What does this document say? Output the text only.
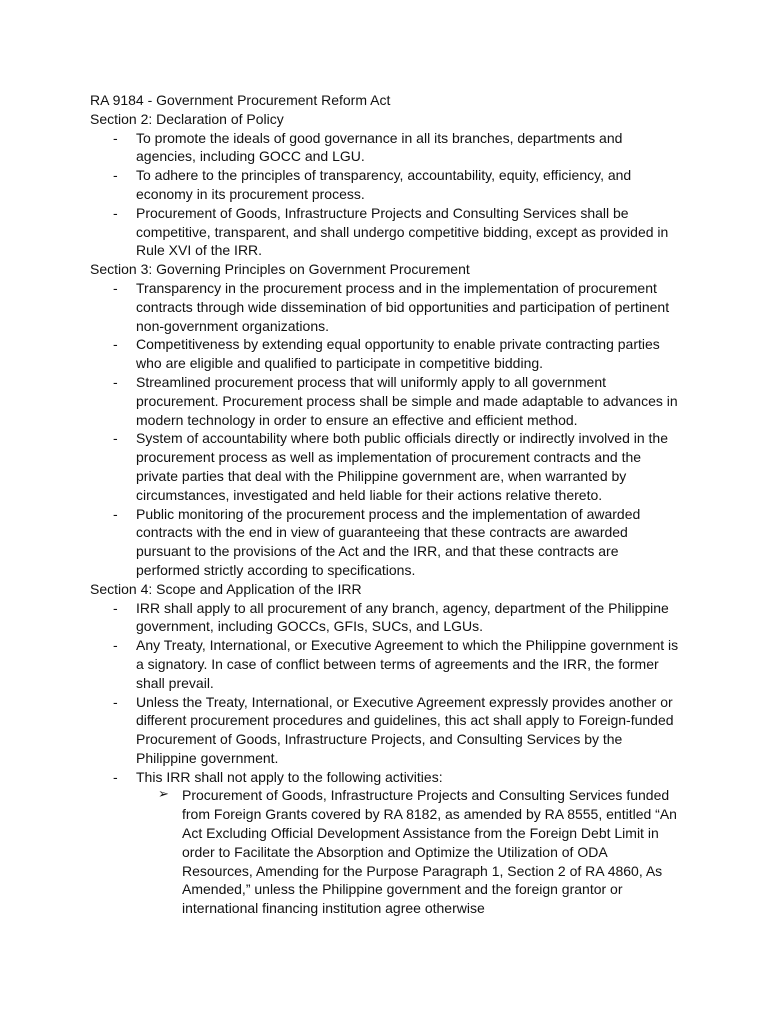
RA 9184 - Government Procurement Reform Act

Section 2: Declaration of Policy

- To promote the ideals of good governance in all its branches, departments and agencies, including GOCC and LGU.
- To adhere to the principles of transparency, accountability, equity, efficiency, and economy in its procurement process.
- Procurement of Goods, Infrastructure Projects and Consulting Services shall be competitive, transparent, and shall undergo competitive bidding, except as provided in Rule XVI of the IRR.

Section 3: Governing Principles on Government Procurement

- Transparency in the procurement process and in the implementation of procurement contracts through wide dissemination of bid opportunities and participation of pertinent non-government organizations.
- Competitiveness by extending equal opportunity to enable private contracting parties who are eligible and qualified to participate in competitive bidding.
- Streamlined procurement process that will uniformly apply to all government procurement. Procurement process shall be simple and made adaptable to advances in modern technology in order to ensure an effective and efficient method.
- System of accountability where both public officials directly or indirectly involved in the procurement process as well as implementation of procurement contracts and the private parties that deal with the Philippine government are, when warranted by circumstances, investigated and held liable for their actions relative thereto.
- Public monitoring of the procurement process and the implementation of awarded contracts with the end in view of guaranteeing that these contracts are awarded pursuant to the provisions of the Act and the IRR, and that these contracts are performed strictly according to specifications.

Section 4: Scope and Application of the IRR

- IRR shall apply to all procurement of any branch, agency, department of the Philippine government, including GOCCs, GFIs, SUCs, and LGUs.
- Any Treaty, International, or Executive Agreement to which the Philippine government is a signatory. In case of conflict between terms of agreements and the IRR, the former shall prevail.
- Unless the Treaty, International, or Executive Agreement expressly provides another or different procurement procedures and guidelines, this act shall apply to Foreign-funded Procurement of Goods, Infrastructure Projects, and Consulting Services by the Philippine government.
- This IRR shall not apply to the following activities:
➢ Procurement of Goods, Infrastructure Projects and Consulting Services funded from Foreign Grants covered by RA 8182, as amended by RA 8555, entitled “An Act Excluding Official Development Assistance from the Foreign Debt Limit in order to Facilitate the Absorption and Optimize the Utilization of ODA Resources, Amending for the Purpose Paragraph 1, Section 2 of RA 4860, As Amended,” unless the Philippine government and the foreign grantor or international financing institution agree otherwise
